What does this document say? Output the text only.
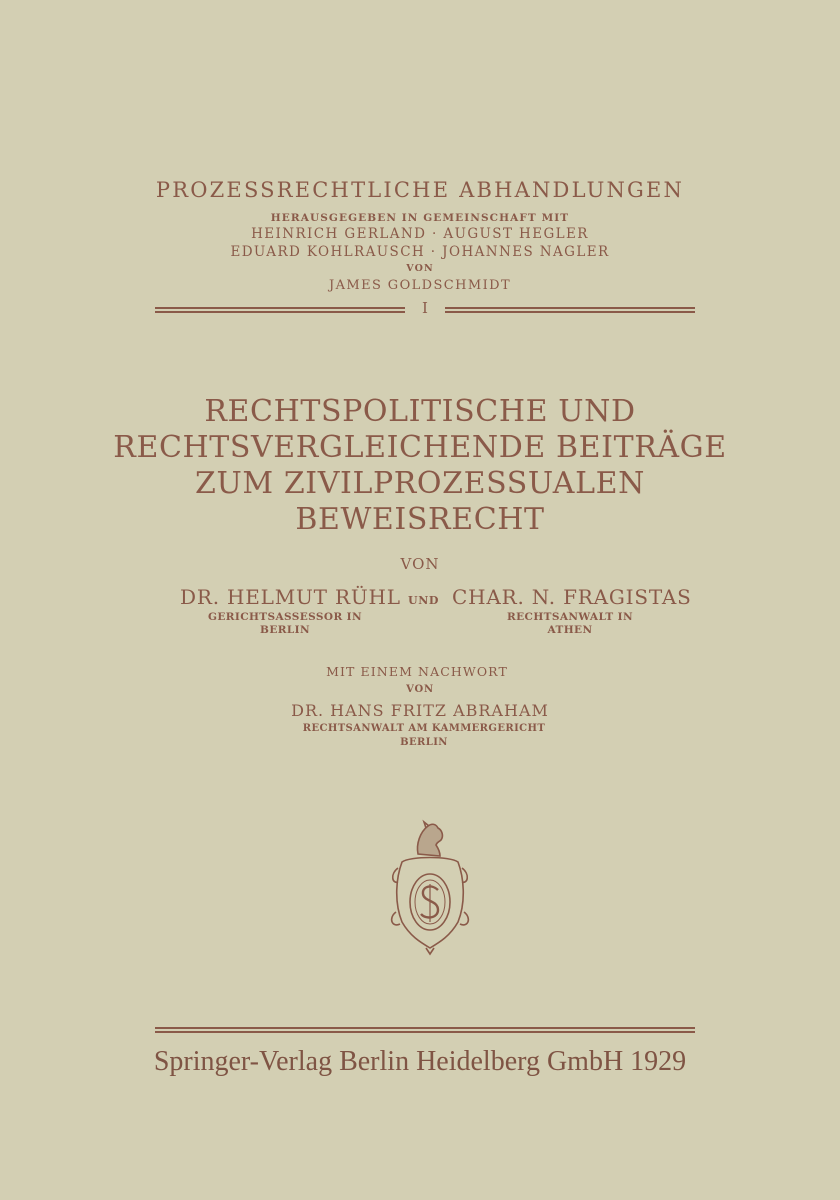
PROZESSRECHTLICHE ABHANDLUNGEN
HERAUSGEGEBEN IN GEMEINSCHAFT MIT
HEINRICH GERLAND · AUGUST HEGLER
EDUARD KOHLRAUSCH · JOHANNES NAGLER
VON
JAMES GOLDSCHMIDT
I
RECHTSPOLITISCHE UND
RECHTSVERGLEICHENDE BEITRÄGE
ZUM ZIVILPROZESSUALEN
BEWEISRECHT
VON
DR. HELMUT RÜHL UND CHAR. N. FRAGISTAS
GERICHTSASSESSOR IN
BERLIN
RECHTSANWALT IN
ATHEN
MIT EINEM NACHWORT
VON
DR. HANS FRITZ ABRAHAM
RECHTSANWALT AM KAMMERGERICHT
BERLIN
Springer-Verlag Berlin Heidelberg GmbH 1929
